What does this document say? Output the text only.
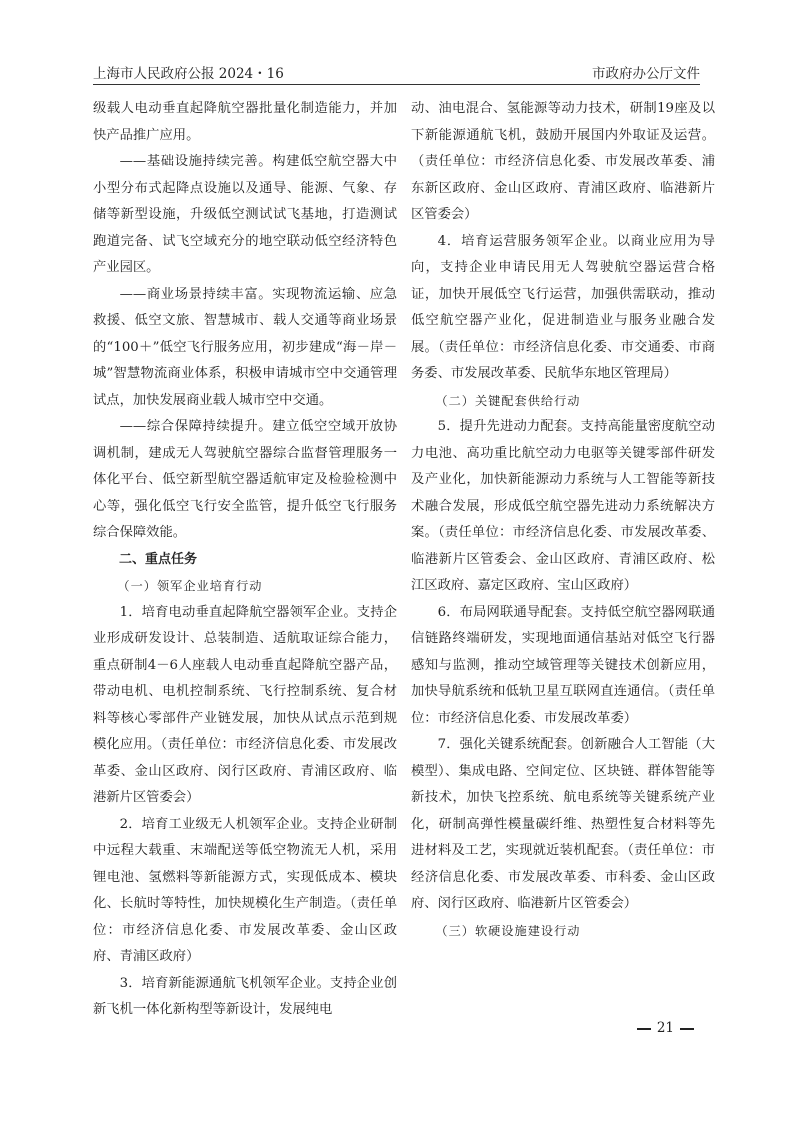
上海市人民政府公报 2024・16	市政府办公厅文件

级载人电动垂直起降航空器批量化制造能力，并加快产品推广应用。

——基础设施持续完善。构建低空航空器大中小型分布式起降点设施以及通导、能源、气象、存储等新型设施，升级低空测试试飞基地，打造测试跑道完备、试飞空域充分的地空联动低空经济特色产业园区。

——商业场景持续丰富。实现物流运输、应急救援、低空文旅、智慧城市、载人交通等商业场景的“100＋”低空飞行服务应用，初步建成“海－岸－城”智慧物流商业体系，积极申请城市空中交通管理试点，加快发展商业载人城市空中交通。

——综合保障持续提升。建立低空空域开放协调机制，建成无人驾驶航空器综合监督管理服务一体化平台、低空新型航空器适航审定及检验检测中心等，强化低空飞行安全监管，提升低空飞行服务综合保障效能。

二、重点任务

（一）领军企业培育行动

1．培育电动垂直起降航空器领军企业。支持企业形成研发设计、总装制造、适航取证综合能力，重点研制4－6人座载人电动垂直起降航空器产品，带动电机、电机控制系统、飞行控制系统、复合材料等核心零部件产业链发展，加快从试点示范到规模化应用。（责任单位：市经济信息化委、市发展改革委、金山区政府、闵行区政府、青浦区政府、临港新片区管委会）

2．培育工业级无人机领军企业。支持企业研制中远程大载重、末端配送等低空物流无人机，采用锂电池、氢燃料等新能源方式，实现低成本、模块化、长航时等特性，加快规模化生产制造。（责任单位：市经济信息化委、市发展改革委、金山区政府、青浦区政府）

3．培育新能源通航飞机领军企业。支持企业创新飞机一体化新构型等新设计，发展纯电

动、油电混合、氢能源等动力技术，研制19座及以下新能源通航飞机，鼓励开展国内外取证及运营。（责任单位：市经济信息化委、市发展改革委、浦东新区政府、金山区政府、青浦区政府、临港新片区管委会）

4．培育运营服务领军企业。以商业应用为导向，支持企业申请民用无人驾驶航空器运营合格证，加快开展低空飞行运营，加强供需联动，推动低空航空器产业化，促进制造业与服务业融合发展。（责任单位：市经济信息化委、市交通委、市商务委、市发展改革委、民航华东地区管理局）

（二）关键配套供给行动

5．提升先进动力配套。支持高能量密度航空动力电池、高功重比航空动力电驱等关键零部件研发及产业化，加快新能源动力系统与人工智能等新技术融合发展，形成低空航空器先进动力系统解决方案。（责任单位：市经济信息化委、市发展改革委、临港新片区管委会、金山区政府、青浦区政府、松江区政府、嘉定区政府、宝山区政府）

6．布局网联通导配套。支持低空航空器网联通信链路终端研发，实现地面通信基站对低空飞行器感知与监测，推动空域管理等关键技术创新应用，加快导航系统和低轨卫星互联网直连通信。（责任单位：市经济信息化委、市发展改革委）

7．强化关键系统配套。创新融合人工智能（大模型）、集成电路、空间定位、区块链、群体智能等新技术，加快飞控系统、航电系统等关键系统产业化，研制高弹性模量碳纤维、热塑性复合材料等先进材料及工艺，实现就近装机配套。（责任单位：市经济信息化委、市发展改革委、市科委、金山区政府、闵行区政府、临港新片区管委会）

（三）软硬设施建设行动

21
